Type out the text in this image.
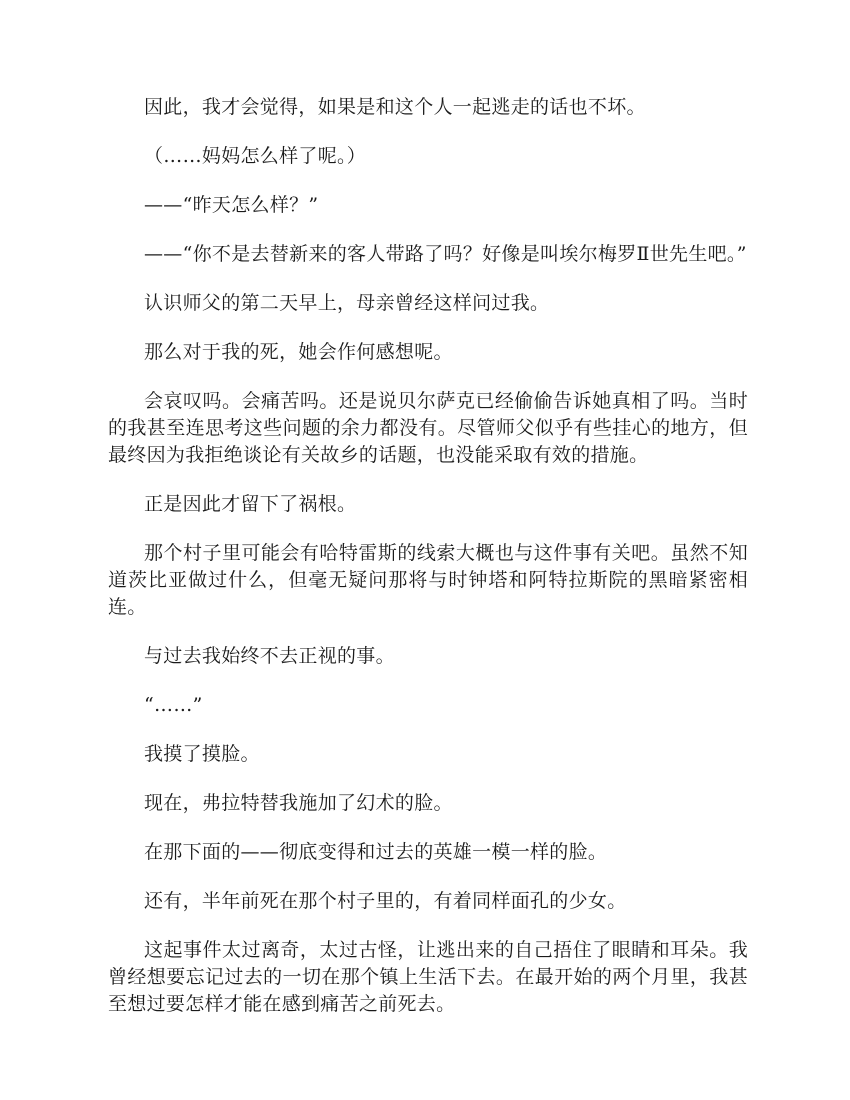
因此，我才会觉得，如果是和这个人一起逃走的话也不坏。

（……妈妈怎么样了呢。）

——“昨天怎么样？”

——“你不是去替新来的客人带路了吗？好像是叫埃尔梅罗Ⅱ世先生吧。”

认识师父的第二天早上，母亲曾经这样问过我。

那么对于我的死，她会作何感想呢。

会哀叹吗。会痛苦吗。还是说贝尔萨克已经偷偷告诉她真相了吗。当时的我甚至连思考这些问题的余力都没有。尽管师父似乎有些挂心的地方，但最终因为我拒绝谈论有关故乡的话题，也没能采取有效的措施。

正是因此才留下了祸根。

那个村子里可能会有哈特雷斯的线索大概也与这件事有关吧。虽然不知道茨比亚做过什么，但毫无疑问那将与时钟塔和阿特拉斯院的黑暗紧密相连。

与过去我始终不去正视的事。

“……”

我摸了摸脸。

现在，弗拉特替我施加了幻术的脸。

在那下面的——彻底变得和过去的英雄一模一样的脸。

还有，半年前死在那个村子里的，有着同样面孔的少女。

这起事件太过离奇，太过古怪，让逃出来的自己捂住了眼睛和耳朵。我曾经想要忘记过去的一切在那个镇上生活下去。在最开始的两个月里，我甚至想过要怎样才能在感到痛苦之前死去。
